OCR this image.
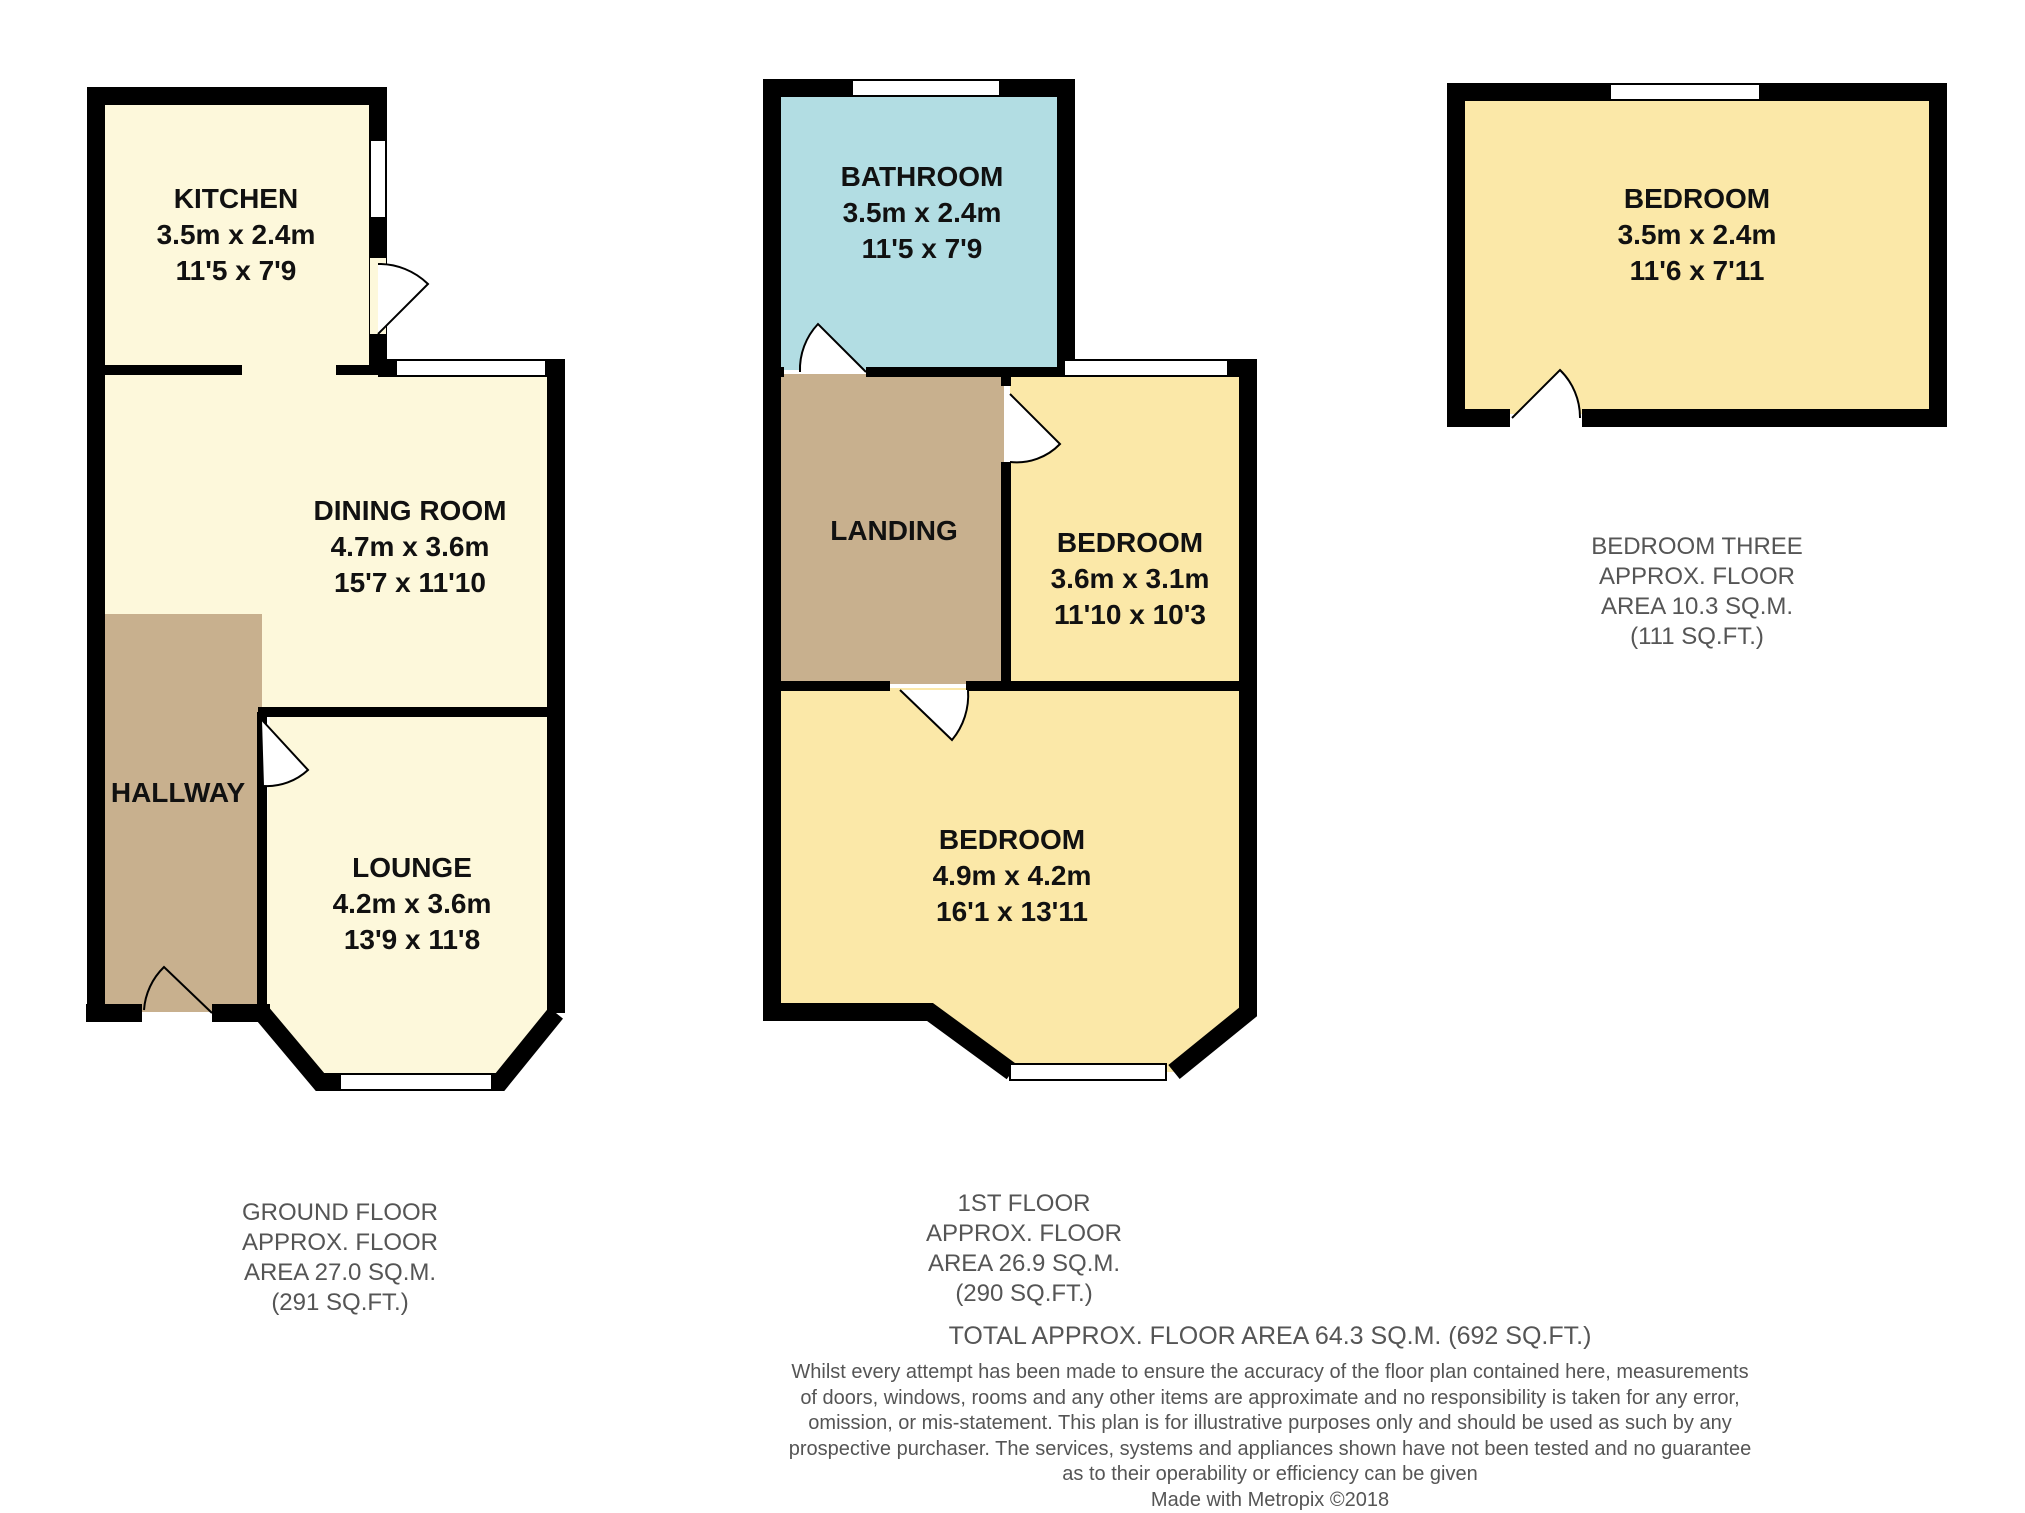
KITCHEN
3.5m x 2.4m
11'5 x 7'9
DINING ROOM
4.7m x 3.6m
15'7 x 11'10
HALLWAY
LOUNGE
4.2m x 3.6m
13'9 x 11'8
BATHROOM
3.5m x 2.4m
11'5 x 7'9
LANDING	BEDROOM
3.6m x 3.1m
11'10 x 10'3
BEDROOM
4.9m x 4.2m
16'1 x 13'11
BEDROOM
3.5m x 2.4m
11'6 x 7'11
GROUND FLOOR
APPROX. FLOOR
AREA 27.0 SQ.M.
(291 SQ.FT.)
1ST FLOOR
APPROX. FLOOR
AREA 26.9 SQ.M.
(290 SQ.FT.)
BEDROOM THREE
APPROX. FLOOR
AREA 10.3 SQ.M.
(111 SQ.FT.)
TOTAL APPROX. FLOOR AREA 64.3 SQ.M. (692 SQ.FT.)
Whilst every attempt has been made to ensure the accuracy of the floor plan contained here, measurements
of doors, windows, rooms and any other items are approximate and no responsibility is taken for any error,
omission, or mis-statement. This plan is for illustrative purposes only and should be used as such by any
prospective purchaser. The services, systems and appliances shown have not been tested and no guarantee
as to their operability or efficiency can be given
Made with Metropix ©2018
